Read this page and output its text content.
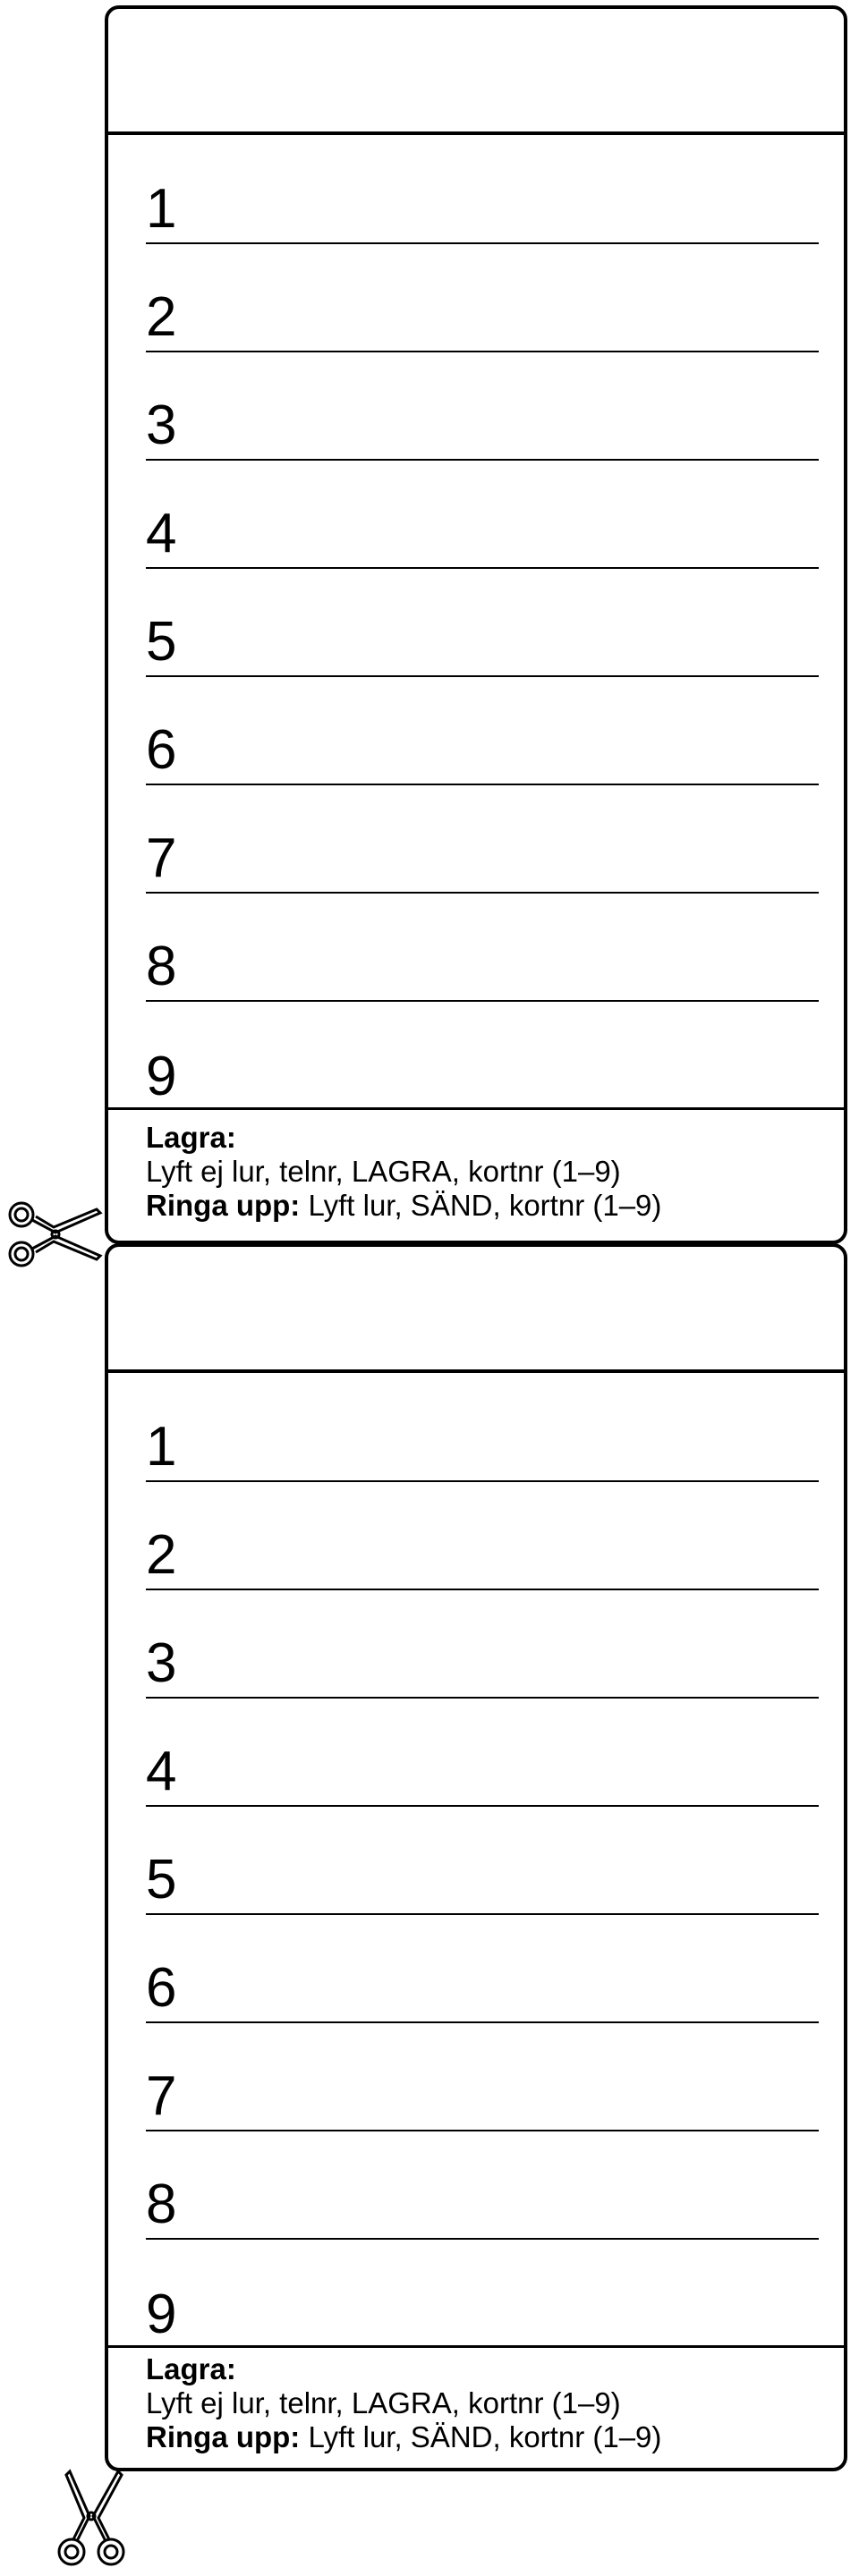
1
2
3
4
5
6
7
8
9
Lagra:
Lyft ej lur, telnr, LAGRA, kortnr (1–9)
Ringa upp: Lyft lur, SÄND, kortnr (1–9)
1
2
3
4
5
6
7
8
9
Lagra:
Lyft ej lur, telnr, LAGRA, kortnr (1–9)
Ringa upp: Lyft lur, SÄND, kortnr (1–9)
